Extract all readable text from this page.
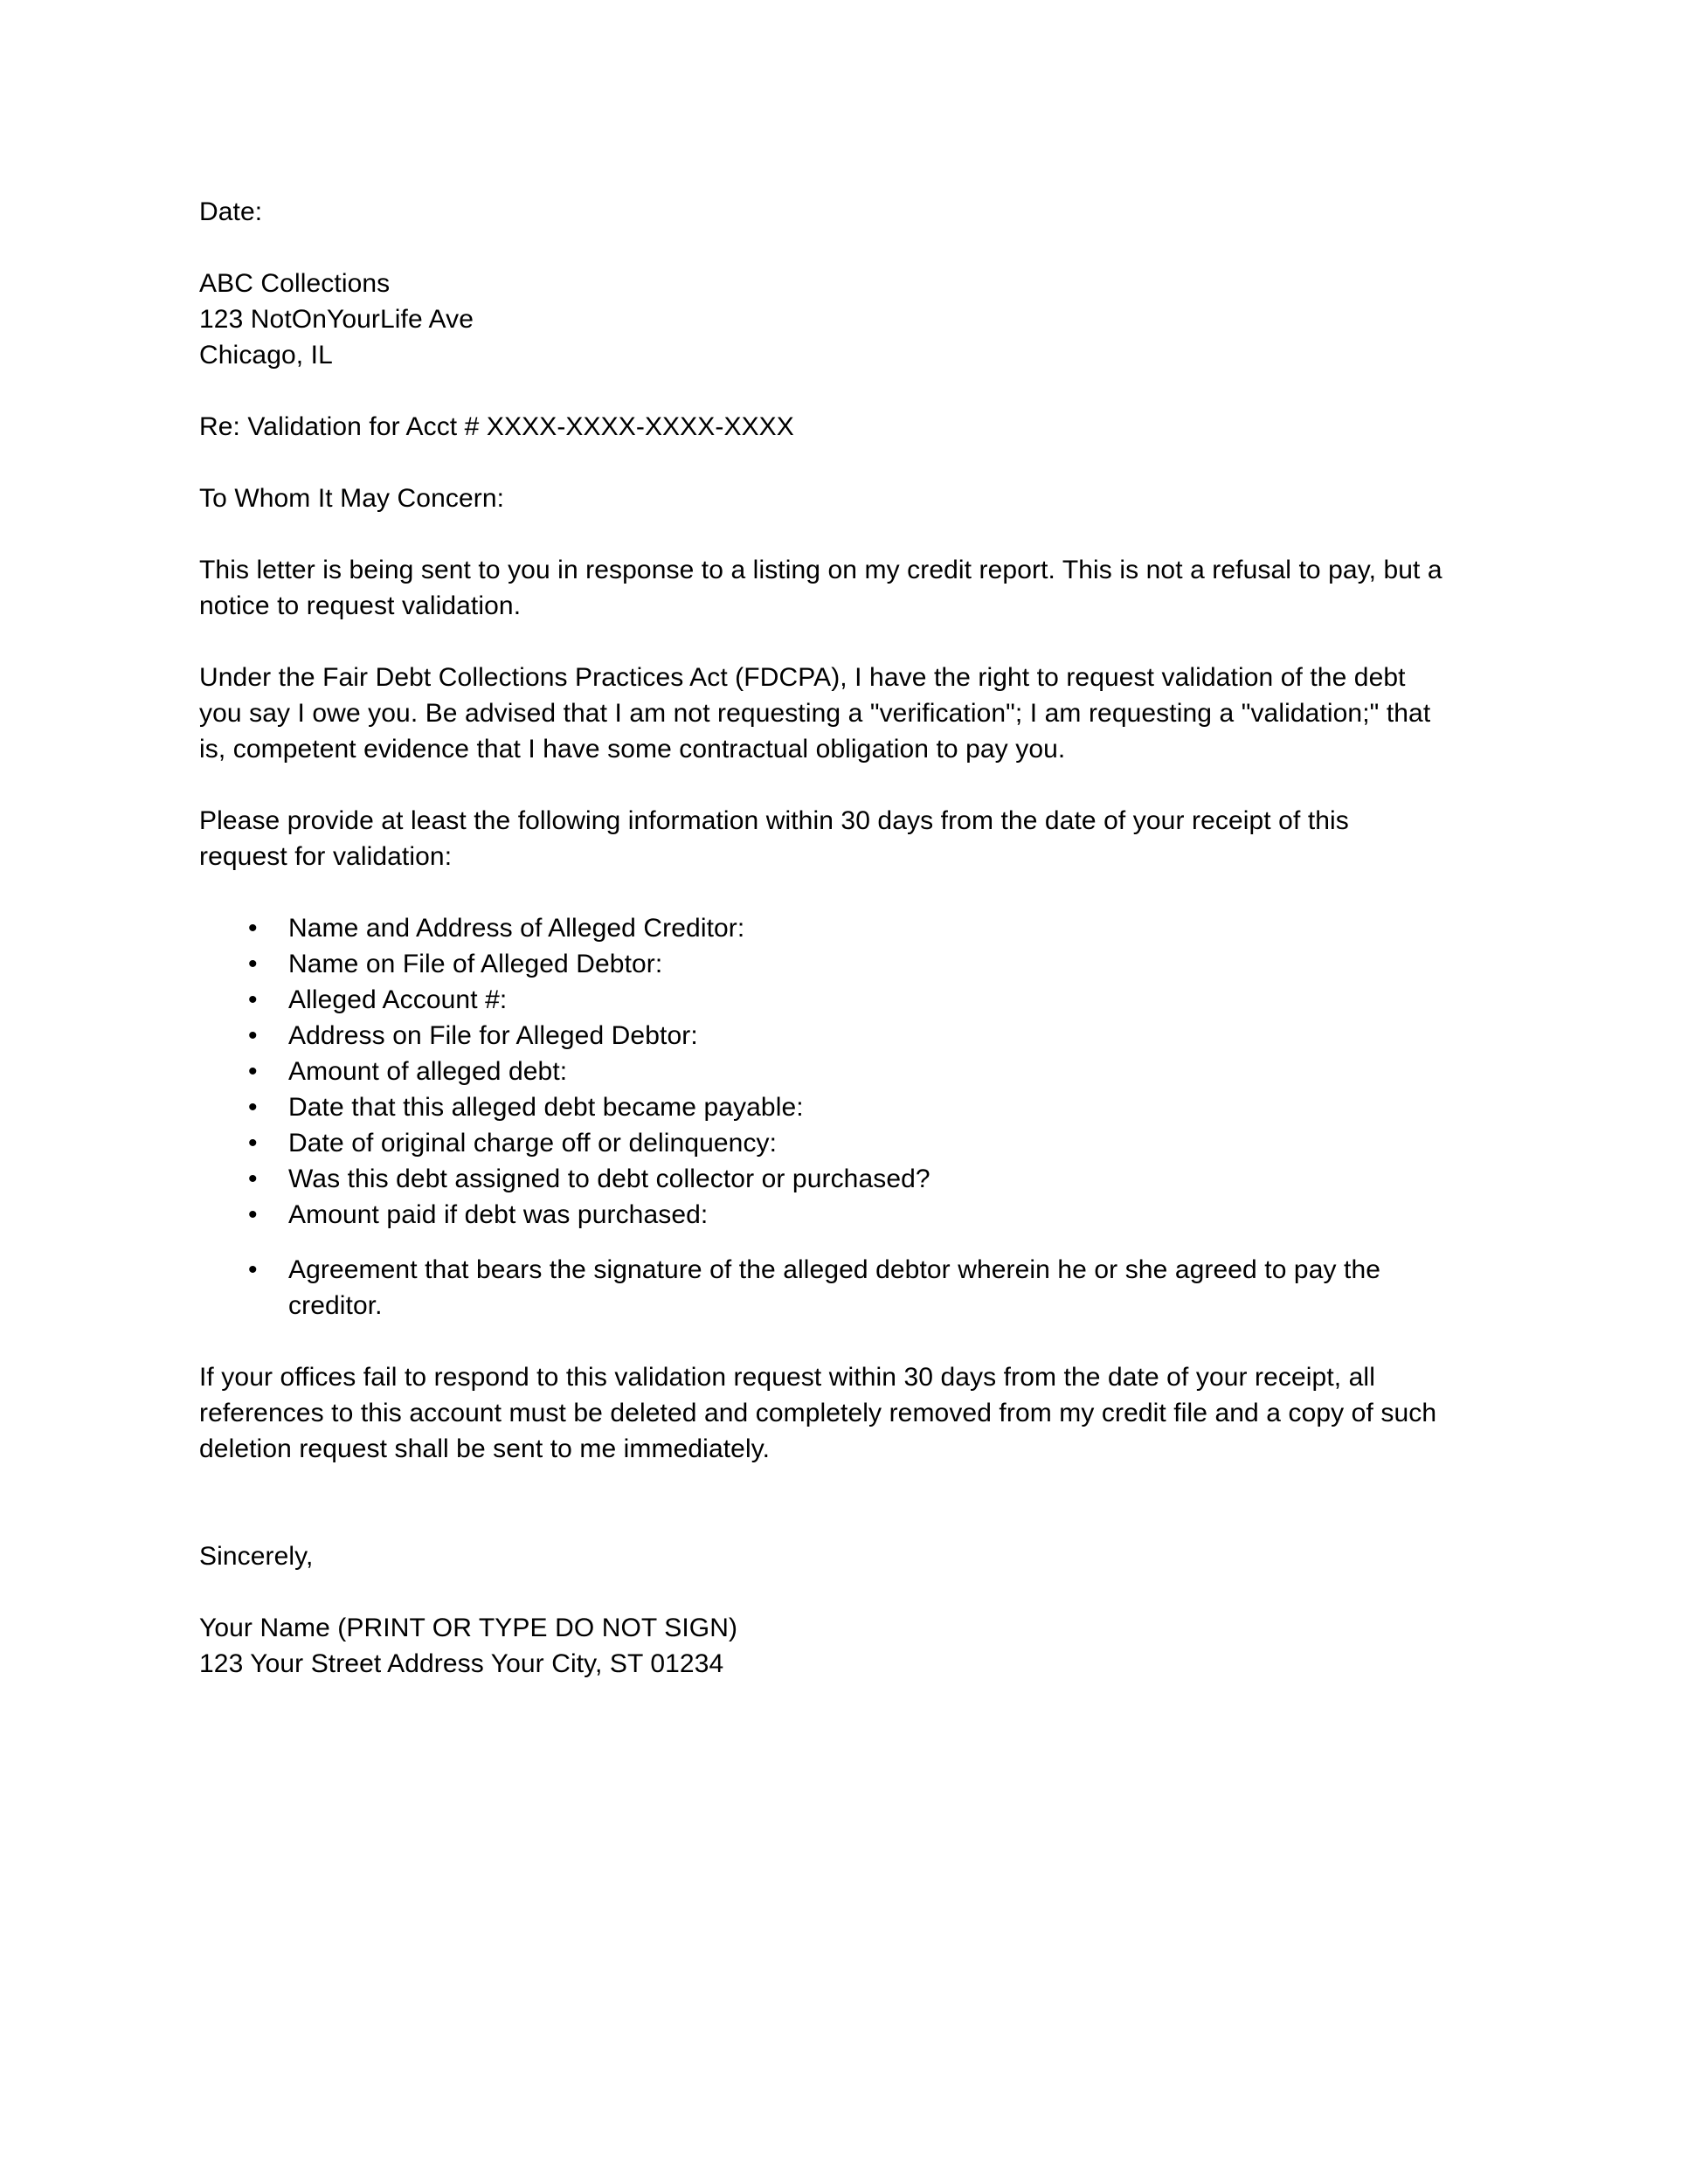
Date:
ABC Collections
123 NotOnYourLife Ave
Chicago, IL
Re: Validation for Acct # XXXX-XXXX-XXXX-XXXX
To Whom It May Concern:

This letter is being sent to you in response to a listing on my credit report. This is not a refusal to pay, but a notice to request validation.

Under the Fair Debt Collections Practices Act (FDCPA), I have the right to request validation of the debt you say I owe you. Be advised that I am not requesting a "verification"; I am requesting a "validation;" that is, competent evidence that I have some contractual obligation to pay you.

Please provide at least the following information within 30 days from the date of your receipt of this request for validation:

•	Name and Address of Alleged Creditor:
•	Name on File of Alleged Debtor:
•	Alleged Account #:
•	Address on File for Alleged Debtor:
•	Amount of alleged debt:
•	Date that this alleged debt became payable:
•	Date of original charge off or delinquency:
•	Was this debt assigned to debt collector or purchased?
•	Amount paid if debt was purchased:
•	Agreement that bears the signature of the alleged debtor wherein he or she agreed to pay the creditor.

If your offices fail to respond to this validation request within 30 days from the date of your receipt, all references to this account must be deleted and completely removed from my credit file and a copy of such deletion request shall be sent to me immediately.

Sincerely,
Your Name (PRINT OR TYPE DO NOT SIGN)
123 Your Street Address Your City, ST 01234
